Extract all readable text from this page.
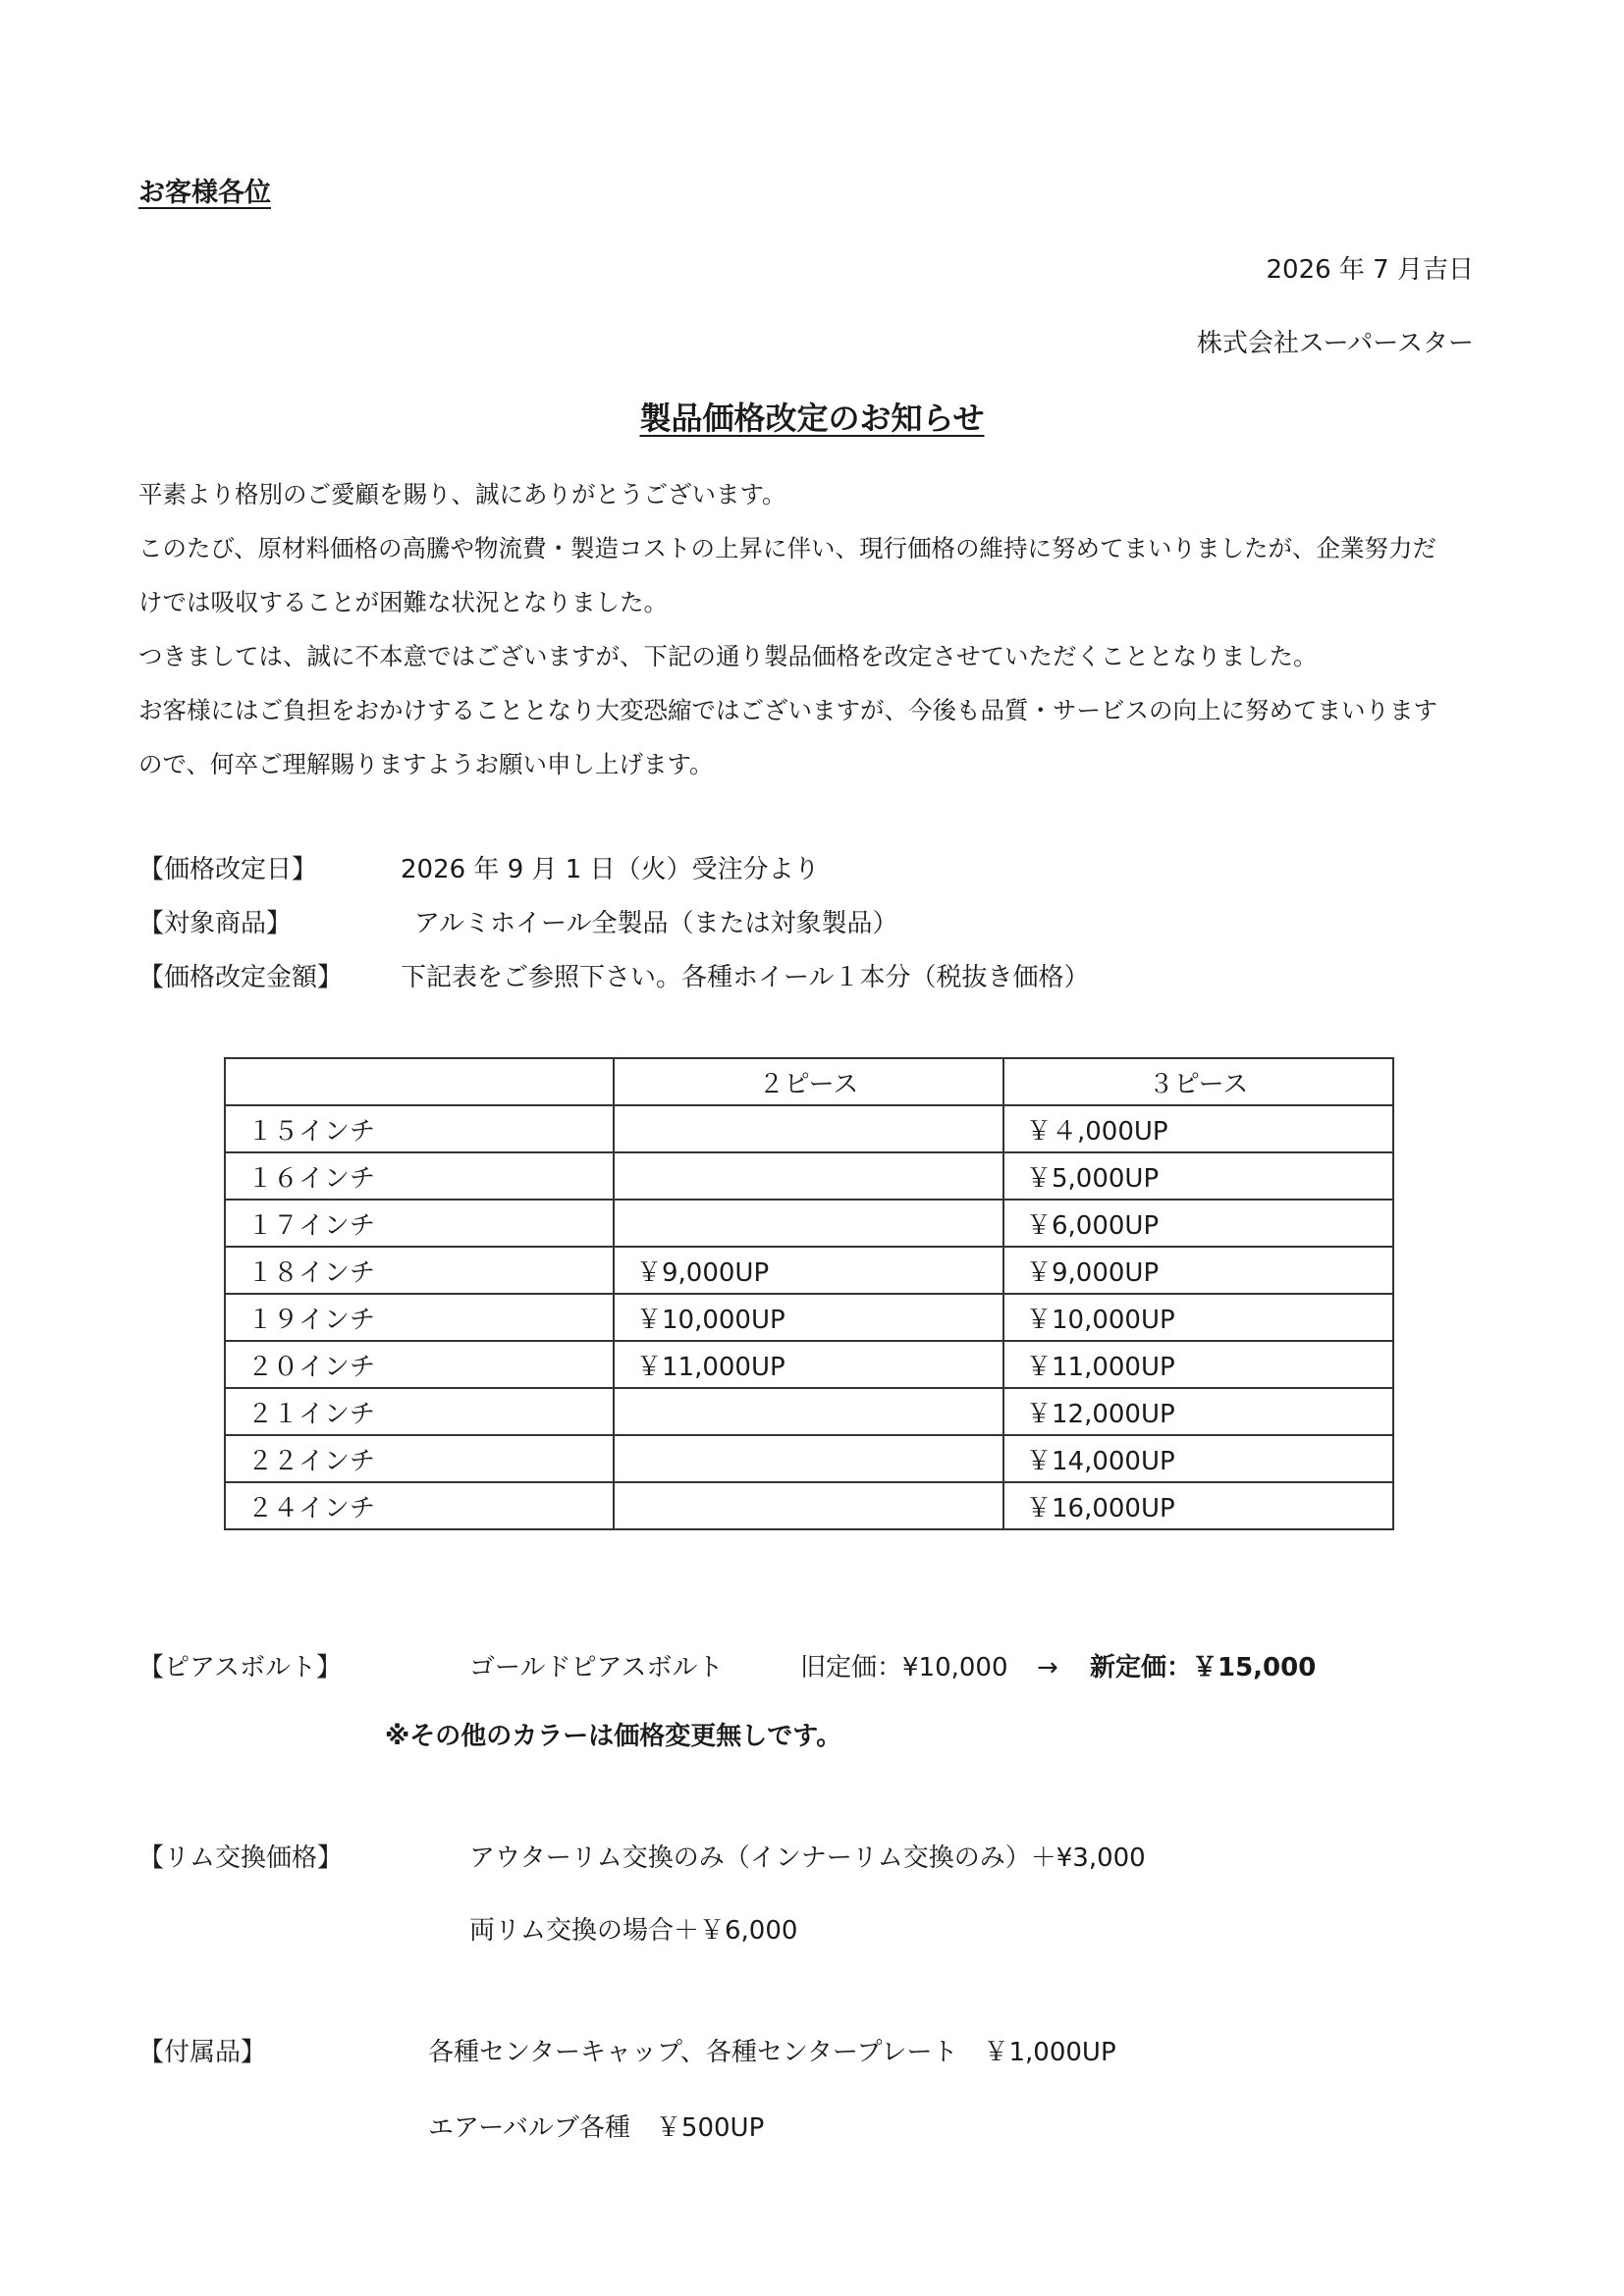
お客様各位
2026 年 7 月吉日
株式会社スーパースター
製品価格改定のお知らせ
平素より格別のご愛顧を賜り、誠にありがとうございます。
このたび、原材料価格の高騰や物流費・製造コストの上昇に伴い、現行価格の維持に努めてまいりましたが、企業努力だ
けでは吸収することが困難な状況となりました。
つきましては、誠に不本意ではございますが、下記の通り製品価格を改定させていただくこととなりました。
お客様にはご負担をおかけすることとなり大変恐縮ではございますが、今後も品質・サービスの向上に努めてまいります
ので、何卒ご理解賜りますようお願い申し上げます。
【価格改定日】	2026 年 9 月 1 日（火）受注分より
【対象商品】	アルミホイール全製品（または対象製品）
【価格改定金額】 下記表をご参照下さい。各種ホイール１本分（税抜き価格）
	２ピース	３ピース
１５インチ		￥４,000UP
１６インチ		￥5,000UP
１７インチ		￥6,000UP
１８インチ	￥9,000UP	￥9,000UP
１９インチ	￥10,000UP	￥10,000UP
２０インチ	￥11,000UP	￥11,000UP
２１インチ		￥12,000UP
２２インチ		￥14,000UP
２４インチ		￥16,000UP
【ピアスボルト】	ゴールドピアスボルト	旧定価：¥10,000 → 新定価：￥15,000
※その他のカラーは価格変更無しです。
【リム交換価格】	アウターリム交換のみ（インナーリム交換のみ）＋¥3,000
両リム交換の場合＋￥6,000
【付属品】	各種センターキャップ、各種センタープレート　￥1,000UP
エアーバルブ各種　￥500UP
